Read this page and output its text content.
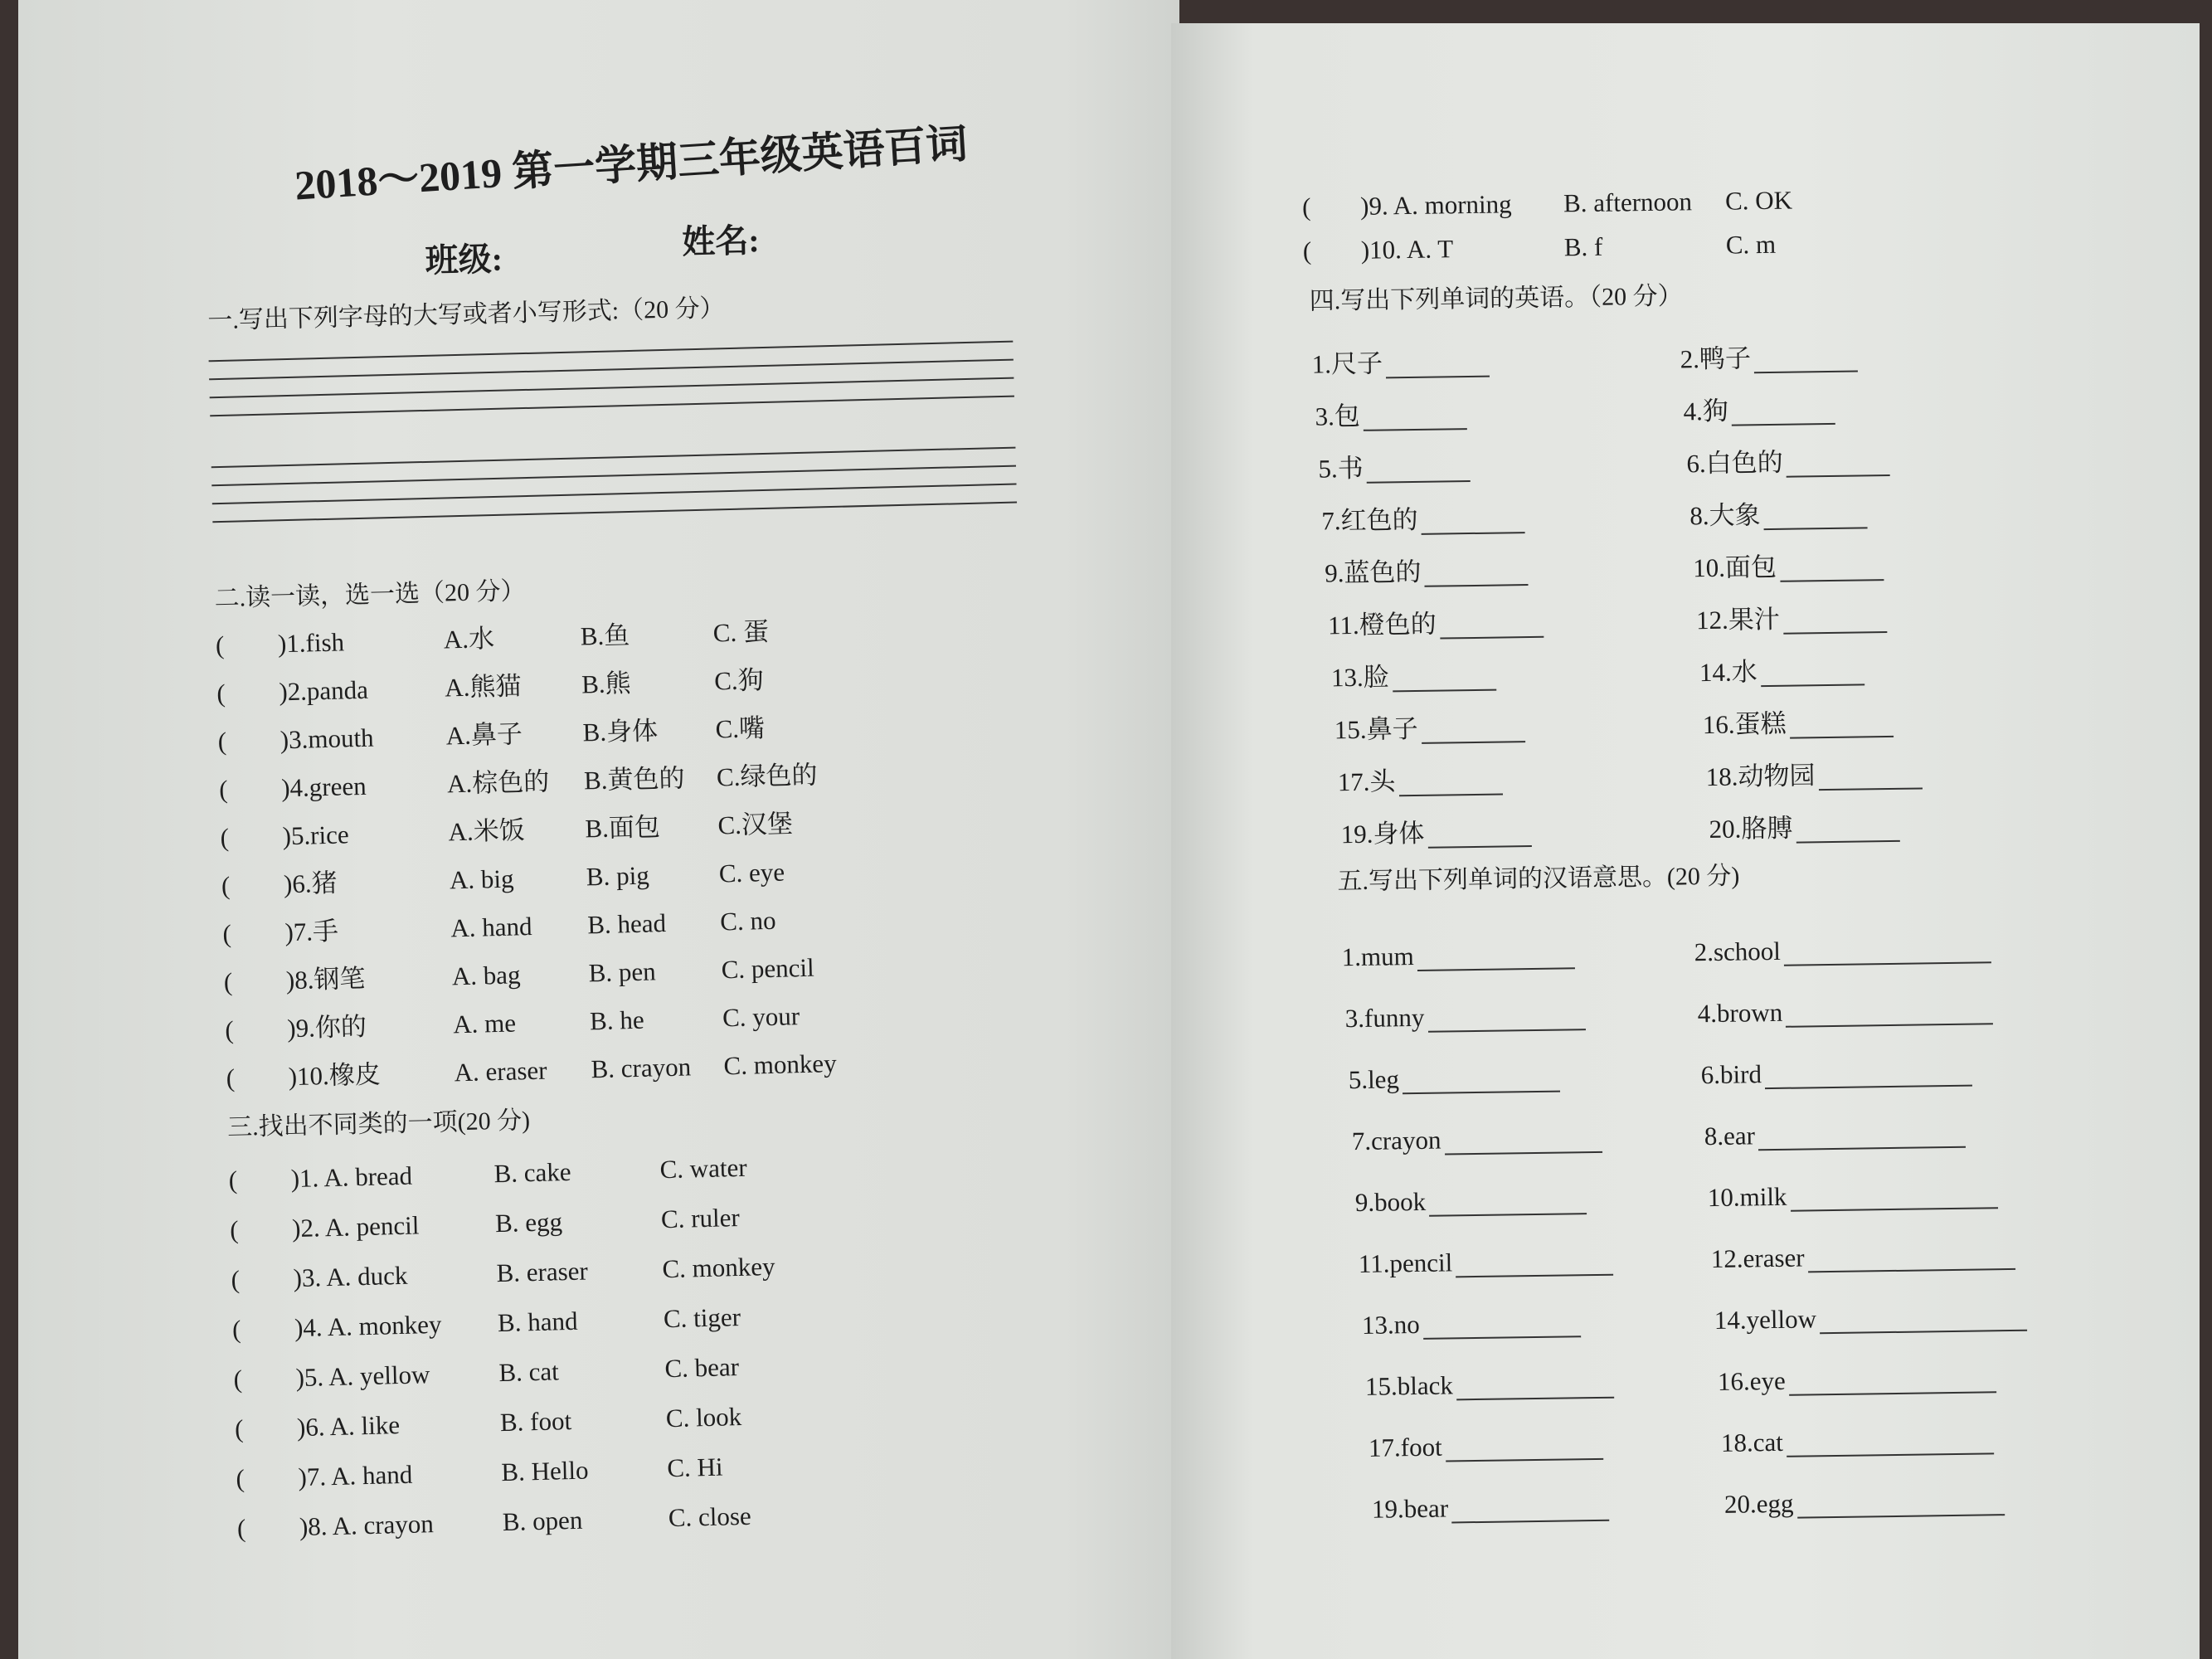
2018～2019 第一学期三年级英语百词
班级:	姓名:
一.写出下列字母的大写或者小写形式:（20 分）
二.读一读，选一选（20 分）
( )1.fish	A.水	B.鱼	C. 蛋
( )2.panda	A.熊猫 B.熊	C.狗
( )3.mouth	A.鼻子 B.身体 C.嘴
( )4.green	A.棕色的 B.黄色的 C.绿色的
( )5.rice	A.米饭 B.面包 C.汉堡
( )6.猪	A. big	B. pig	C. eye
( )7.手	A. hand B. head C. no
( )8.钢笔	A. bag	B. pen	C. pencil
( )9.你的	A. me	B. he	C. your
( )10.橡皮	A. eraser B. crayon C. monkey
三.找出不同类的一项(20 分)
( )1. A. bread	B. cake	C. water
( )2. A. pencil	B. egg	C. ruler
( )3. A. duck	B. eraser	C. monkey
( )4. A. monkey B. hand	C. tiger
( )5. A. yellow	B. cat	C. bear
( )6. A. like	B. foot	C. look
( )7. A. hand	B. Hello	C. Hi
( )8. A. crayon	B. open	C. close
( )9. A. morning B. afternoon C. OK
( )10. A. T	B. f	C. m
四.写出下列单词的英语。（20 分）
1.尺子	2.鸭子
3.包	4.狗
5.书	6.白色的
7.红色的	8.大象
9.蓝色的	10.面包
11.橙色的	12.果汁
13.脸	14.水
15.鼻子	16.蛋糕
17.头	18.动物园
19.身体	20.胳膊
五.写出下列单词的汉语意思。(20 分)
1.mum	2.school
3.funny	4.brown
5.leg	6.bird
7.crayon	8.ear
9.book	10.milk
11.pencil	12.eraser
13.no	14.yellow
15.black	16.eye
17.foot	18.cat
19.bear	20.egg
